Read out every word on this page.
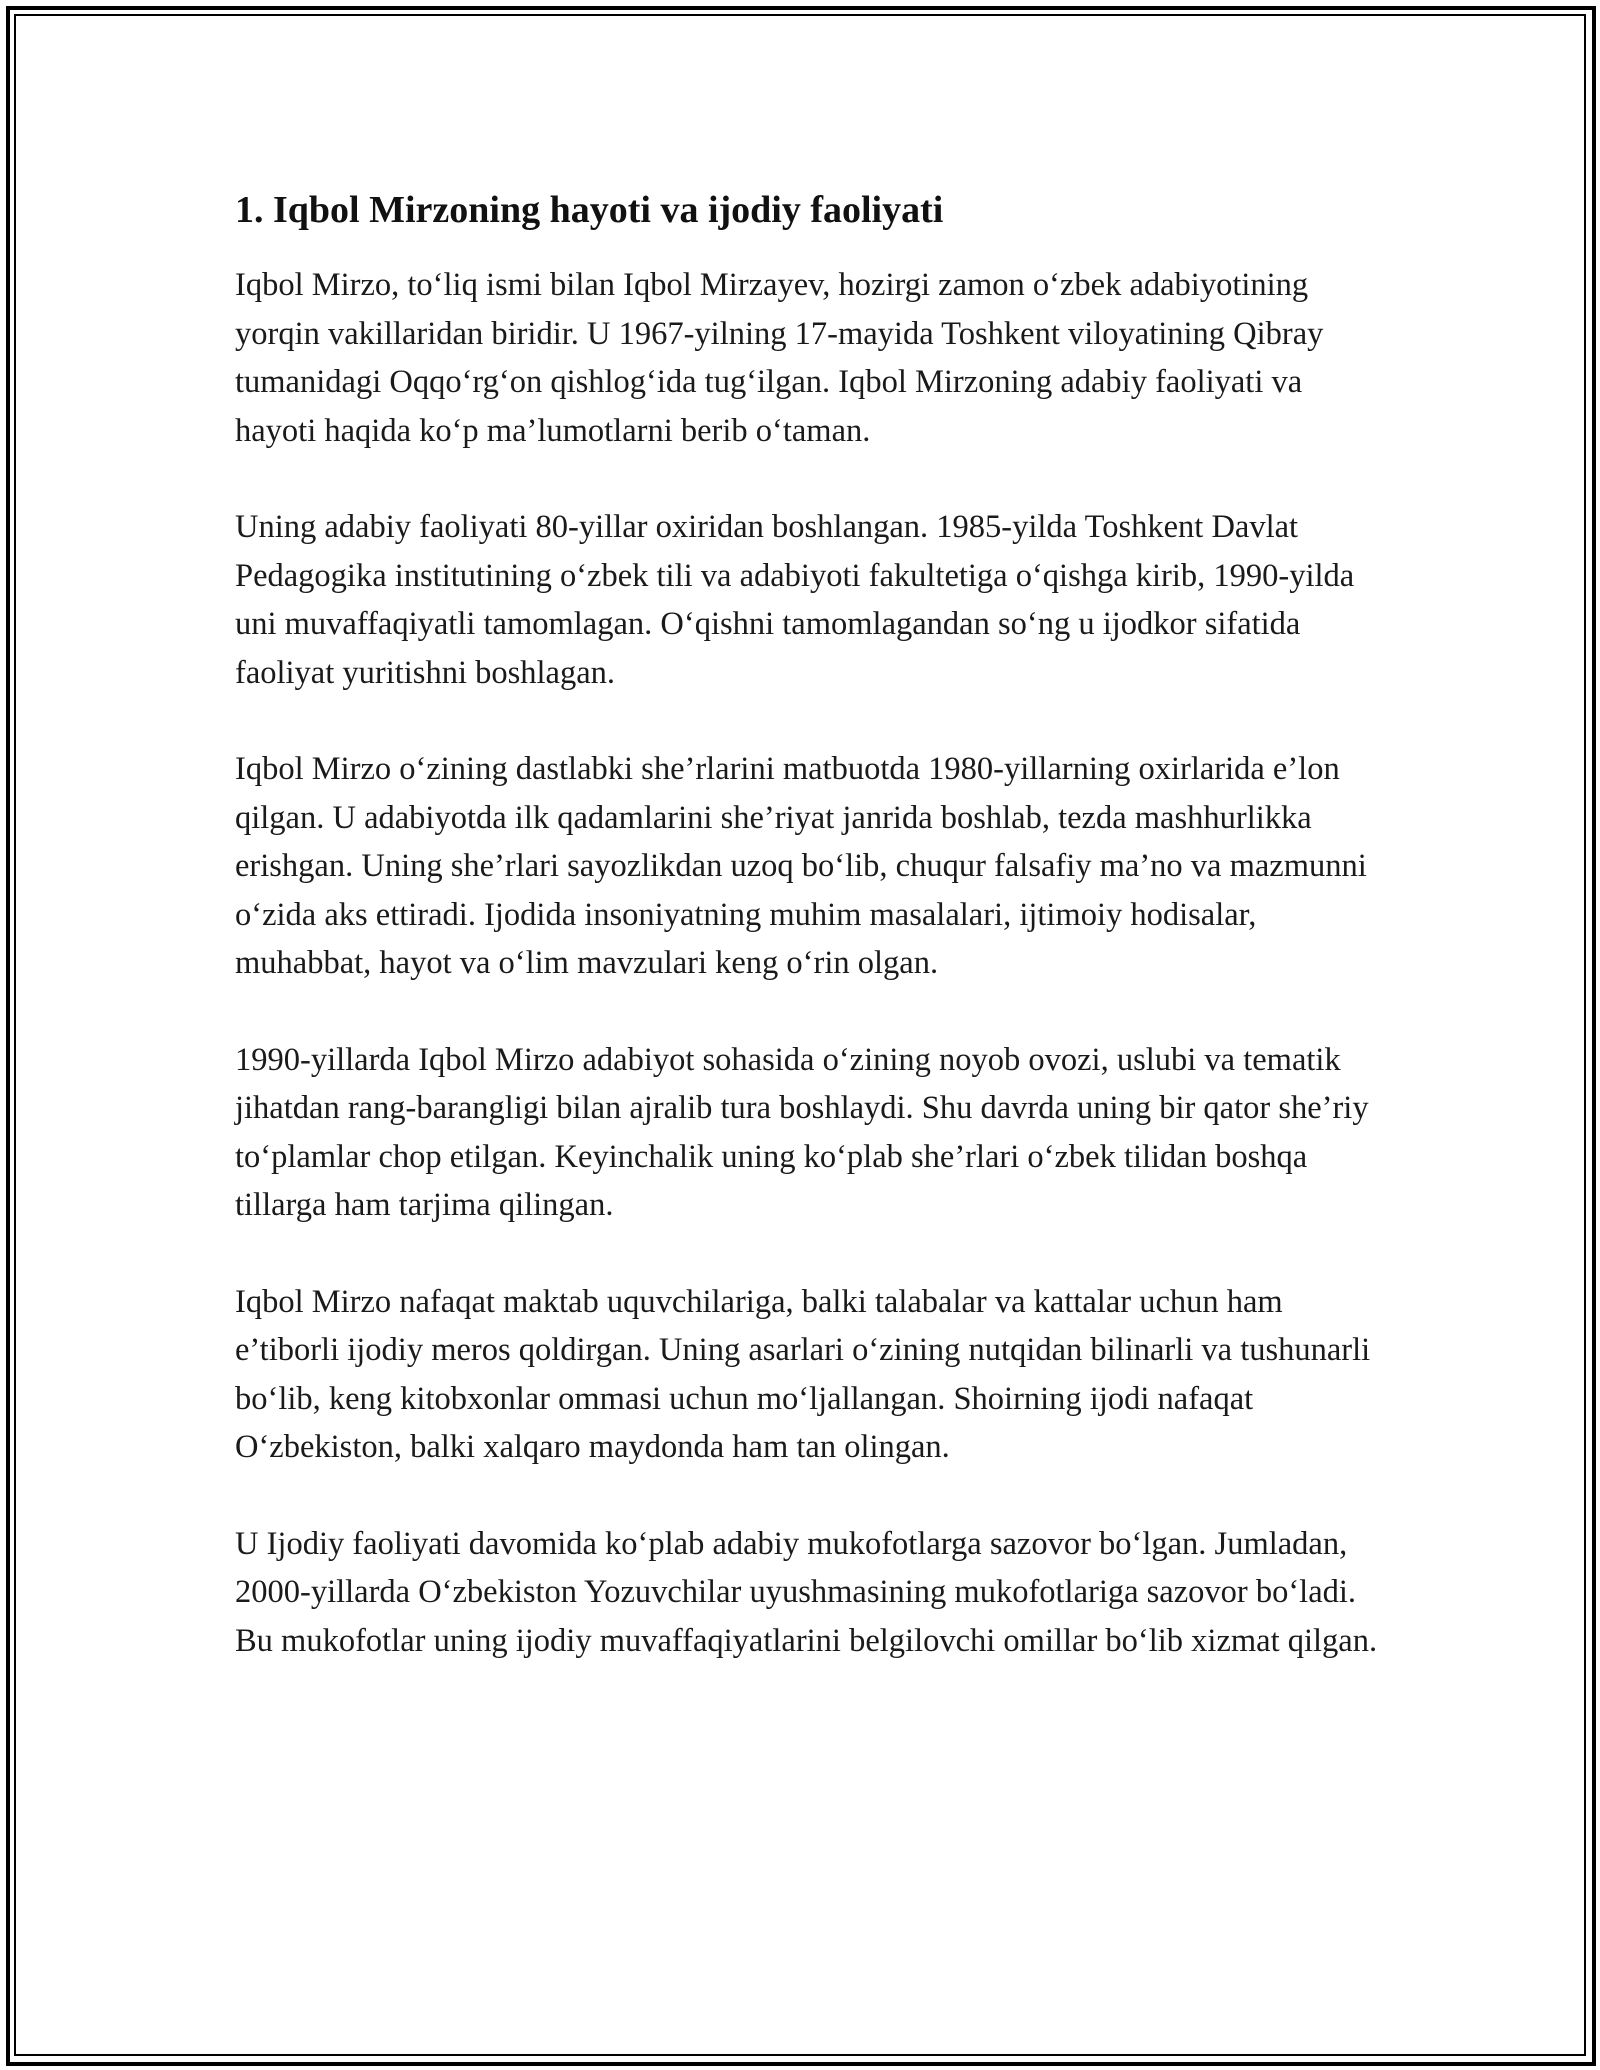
1. Iqbol Mirzoning hayoti va ijodiy faoliyati

Iqbol Mirzo, to‘liq ismi bilan Iqbol Mirzayev, hozirgi zamon o‘zbek adabiyotining yorqin vakillaridan biridir. U 1967-yilning 17-mayida Toshkent viloyatining Qibray tumanidagi Oqqo‘rg‘on qishlog‘ida tug‘ilgan. Iqbol Mirzoning adabiy faoliyati va hayoti haqida ko‘p ma’lumotlarni berib o‘taman.

Uning adabiy faoliyati 80-yillar oxiridan boshlangan. 1985-yilda Toshkent Davlat Pedagogika institutining o‘zbek tili va adabiyoti fakultetiga o‘qishga kirib, 1990-yilda uni muvaffaqiyatli tamomlagan. O‘qishni tamomlagandan so‘ng u ijodkor sifatida faoliyat yuritishni boshlagan.

Iqbol Mirzo o‘zining dastlabki she’rlarini matbuotda 1980-yillarning oxirlarida e’lon qilgan. U adabiyotda ilk qadamlarini she’riyat janrida boshlab, tezda mashhurlikka erishgan. Uning she’rlari sayozlikdan uzoq bo‘lib, chuqur falsafiy ma’no va mazmunni o‘zida aks ettiradi. Ijodida insoniyatning muhim masalalari, ijtimoiy hodisalar, muhabbat, hayot va o‘lim mavzulari keng o‘rin olgan.

1990-yillarda Iqbol Mirzo adabiyot sohasida o‘zining noyob ovozi, uslubi va tematik jihatdan rang-barangligi bilan ajralib tura boshlaydi. Shu davrda uning bir qator she’riy to‘plamlar chop etilgan. Keyinchalik uning ko‘plab she’rlari o‘zbek tilidan boshqa tillarga ham tarjima qilingan.

Iqbol Mirzo nafaqat maktab uquvchilariga, balki talabalar va kattalar uchun ham e’tiborli ijodiy meros qoldirgan. Uning asarlari o‘zining nutqidan bilinarli va tushunarli bo‘lib, keng kitobxonlar ommasi uchun mo‘ljallangan. Shoirning ijodi nafaqat O‘zbekiston, balki xalqaro maydonda ham tan olingan.

U Ijodiy faoliyati davomida ko‘plab adabiy mukofotlarga sazovor bo‘lgan. Jumladan, 2000-yillarda O‘zbekiston Yozuvchilar uyushmasining mukofotlariga sazovor bo‘ladi. Bu mukofotlar uning ijodiy muvaffaqiyatlarini belgilovchi omillar bo‘lib xizmat qilgan.
